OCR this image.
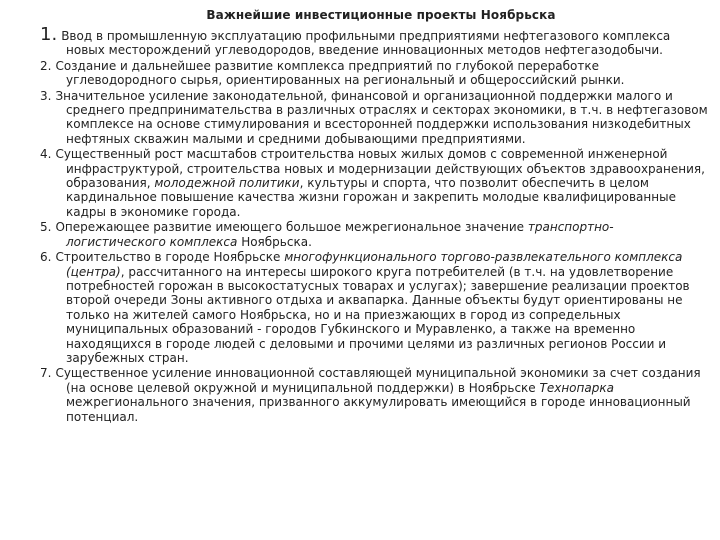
Важнейшие инвестиционные проекты Ноябрьска
1. Ввод в промышленную эксплуатацию профильными предприятиями нефтегазового комплекса новых месторождений углеводородов, введение инновационных методов нефтегазодобычи.
2. Создание и дальнейшее развитие комплекса предприятий по глубокой переработке углеводородного сырья, ориентированных на региональный и общероссийский рынки.
3. Значительное усиление законодательной, финансовой и организационной поддержки малого и среднего предпринимательства в различных отраслях и секторах экономики, в т.ч. в нефтегазовом комплексе на основе стимулирования и всесторонней поддержки использования низкодебитных нефтяных скважин малыми и средними добывающими предприятиями.
4. Существенный рост масштабов строительства новых жилых домов с современной инженерной инфраструктурой, строительства новых и модернизации действующих объектов здравоохранения, образования, молодежной политики, культуры и спорта, что позволит обеспечить в целом кардинальное повышение качества жизни горожан и закрепить молодые квалифицированные кадры в экономике города.
5. Опережающее развитие имеющего большое межрегиональное значение транспортно-логистического комплекса Ноябрьска.
6. Строительство в городе Ноябрьске многофункционального торгово-развлекательного комплекса (центра), рассчитанного на интересы широкого круга потребителей (в т.ч. на удовлетворение потребностей горожан в высокостатусных товарах и услугах); завершение реализации проектов второй очереди Зоны активного отдыха и аквапарка. Данные объекты будут ориентированы не только на жителей самого Ноябрьска, но и на приезжающих в город из сопредельных муниципальных образований - городов Губкинского и Муравленко, а также на временно находящихся в городе людей с деловыми и прочими целями из различных регионов России и зарубежных стран.
7. Существенное усиление инновационной составляющей муниципальной экономики за счет создания (на основе целевой окружной и муниципальной поддержки) в Ноябрьске Технопарка межрегионального значения, призванного аккумулировать имеющийся в городе инновационный потенциал.
